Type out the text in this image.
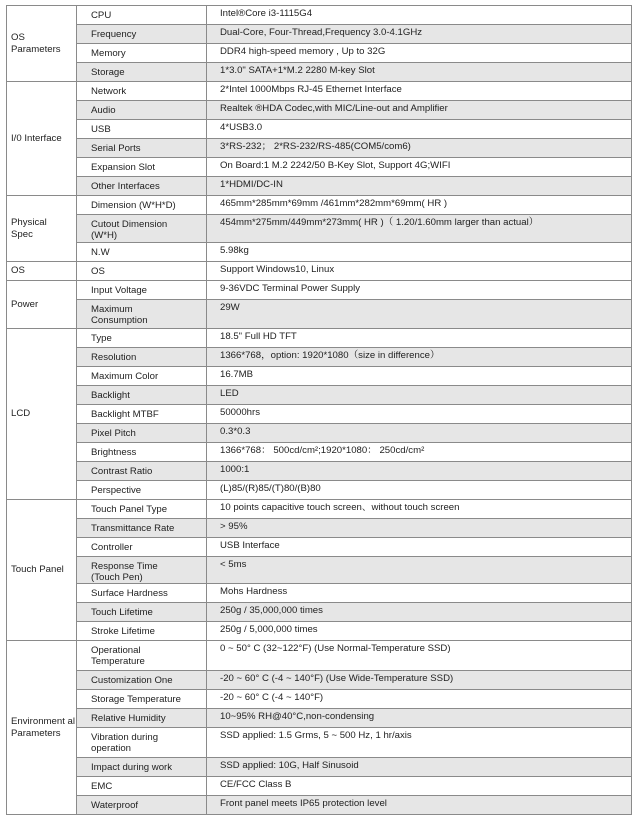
OS
Parameters	CPU	Intel®Core i3-1115G4
	Frequency	Dual-Core, Four-Thread,Frequency 3.0-4.1GHz
	Memory	DDR4 high-speed memory , Up to 32G
	Storage	1*3.0" SATA+1*M.2 2280 M-key Slot
I/0 Interface	Network	2*Intel 1000Mbps RJ-45 Ethernet Interface
	Audio	Realtek ®HDA Codec,with MIC/Line-out and Amplifier
	USB	4*USB3.0
	Serial Ports	3*RS-232； 2*RS-232/RS-485(COM5/com6)
	Expansion Slot	On Board:1 M.2 2242/50 B-Key Slot, Support 4G;WIFI
	Other Interfaces	1*HDMI/DC-IN
Physical
Spec	Dimension (W*H*D)	465mm*285mm*69mm /461mm*282mm*69mm( HR )
	Cutout Dimension
(W*H)	454mm*275mm/449mm*273mm( HR )（ 1.20/1.60mm larger than actual）
	N.W	5.98kg
OS	OS	Support Windows10, Linux
Power	Input Voltage	9-36VDC Terminal Power Supply
	Maximum
Consumption	29W
LCD	Type	18.5" Full HD TFT
	Resolution	1366*768，option: 1920*1080（size in difference）
	Maximum Color	16.7MB
	Backlight	LED
	Backlight MTBF	50000hrs
	Pixel Pitch	0.3*0.3
	Brightness	1366*768： 500cd/cm²;1920*1080： 250cd/cm²
	Contrast Ratio	1000:1
	Perspective	(L)85/(R)85/(T)80/(B)80
Touch Panel	Touch Panel Type	10 points capacitive touch screen、without touch screen
	Transmittance Rate	> 95%
	Controller	USB Interface
	Response Time
(Touch Pen)	< 5ms
	Surface Hardness	Mohs Hardness
	Touch Lifetime	250g / 35,000,000 times
	Stroke Lifetime	250g / 5,000,000 times
Environment al
Parameters	Operational
Temperature	0 ~ 50° C (32~122°F) (Use Normal-Temperature SSD)
	Customization One	-20 ~ 60° C (-4 ~ 140°F) (Use Wide-Temperature SSD)
	Storage Temperature	-20 ~ 60° C (-4 ~ 140°F)
	Relative Humidity	10~95% RH@40°C,non-condensing
	Vibration during
operation	SSD applied: 1.5 Grms, 5 ~ 500 Hz, 1 hr/axis
	Impact during work	SSD applied: 10G, Half Sinusoid
	EMC	CE/FCC Class B
	Waterproof	Front panel meets IP65 protection level
